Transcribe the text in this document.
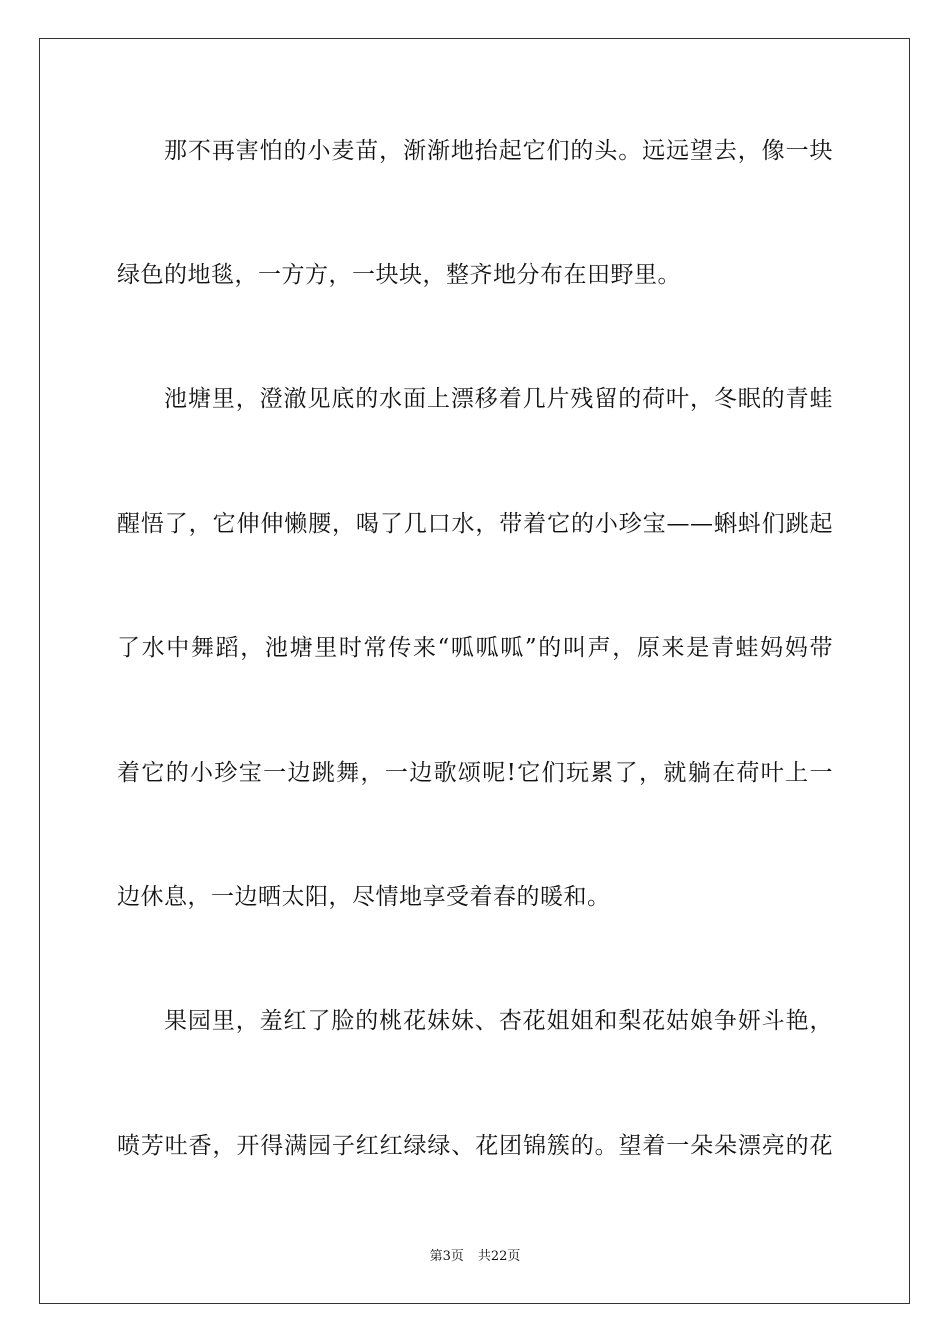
那不再害怕的小麦苗，渐渐地抬起它们的头。远远望去，像一块
绿色的地毯，一方方，一块块，整齐地分布在田野里。
池塘里，澄澈见底的水面上漂移着几片残留的荷叶，冬眠的青蛙
醒悟了，它伸伸懒腰，喝了几口水，带着它的小珍宝——蝌蚪们跳起
了水中舞蹈，池塘里时常传来“呱呱呱”的叫声，原来是青蛙妈妈带
着它的小珍宝一边跳舞，一边歌颂呢!它们玩累了，就躺在荷叶上一
边休息，一边晒太阳，尽情地享受着春的暖和。
果园里，羞红了脸的桃花妹妹、杏花姐姐和梨花姑娘争妍斗艳，
喷芳吐香，开得满园子红红绿绿、花团锦簇的。望着一朵朵漂亮的花
第3页 共22页
